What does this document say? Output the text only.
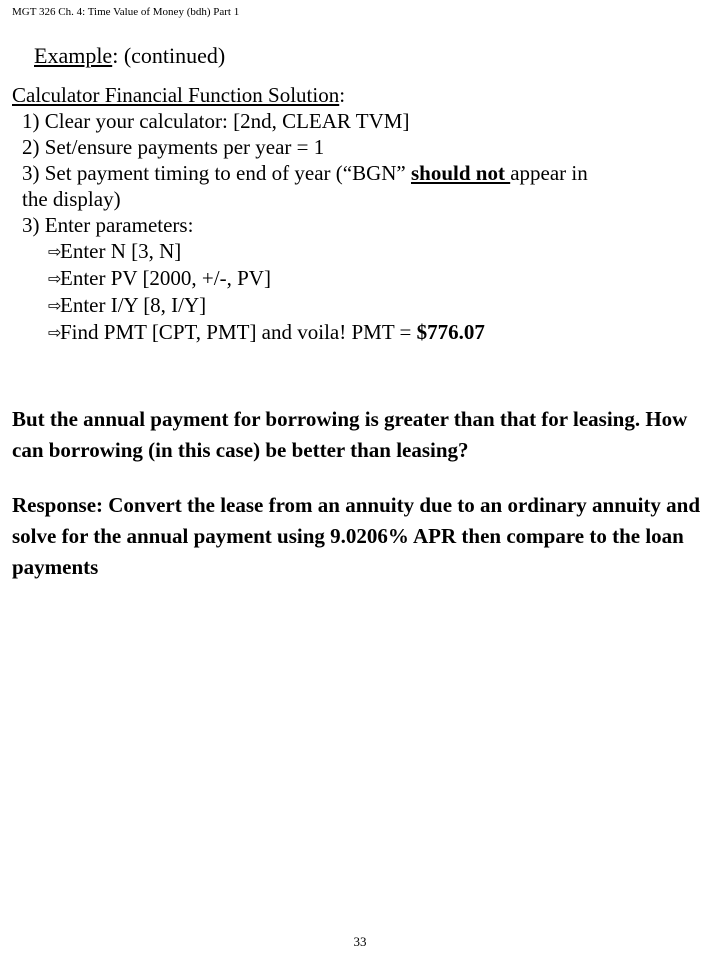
MGT 326 Ch. 4: Time Value of Money (bdh) Part 1
Example: (continued)
Calculator Financial Function Solution:
1) Clear your calculator: [2nd, CLEAR TVM]
2) Set/ensure payments per year = 1
3) Set payment timing to end of year (“BGN” should not appear in
the display)
3) Enter parameters:
⇨Enter N [3, N]
⇨Enter PV [2000, +/-, PV]
⇨Enter I/Y [8, I/Y]
⇨Find PMT [CPT, PMT] and voila! PMT = $776.07
But the annual payment for borrowing is greater than that for leasing. How can borrowing (in this case) be better than leasing?
Response: Convert the lease from an annuity due to an ordinary annuity and solve for the annual payment using 9.0206% APR then compare to the loan payments
33
